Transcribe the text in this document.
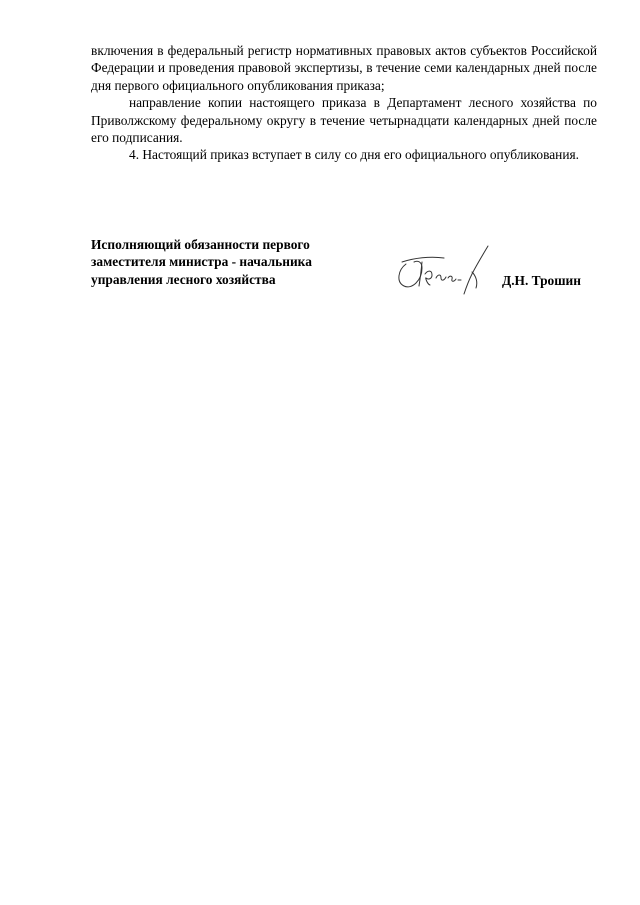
включения в федеральный регистр нормативных правовых актов субъектов Российской Федерации и проведения правовой экспертизы, в течение семи календарных дней после дня первого официального опубликования приказа;

направление копии настоящего приказа в Департамент лесного хозяйства по Приволжскому федеральному округу в течение четырнадцати календарных дней после его подписания.

4. Настоящий приказ вступает в силу со дня его официального опубликования.

Исполняющий обязанности первого
заместителя министра - начальника
управления лесного хозяйства	Д.Н. Трошин
